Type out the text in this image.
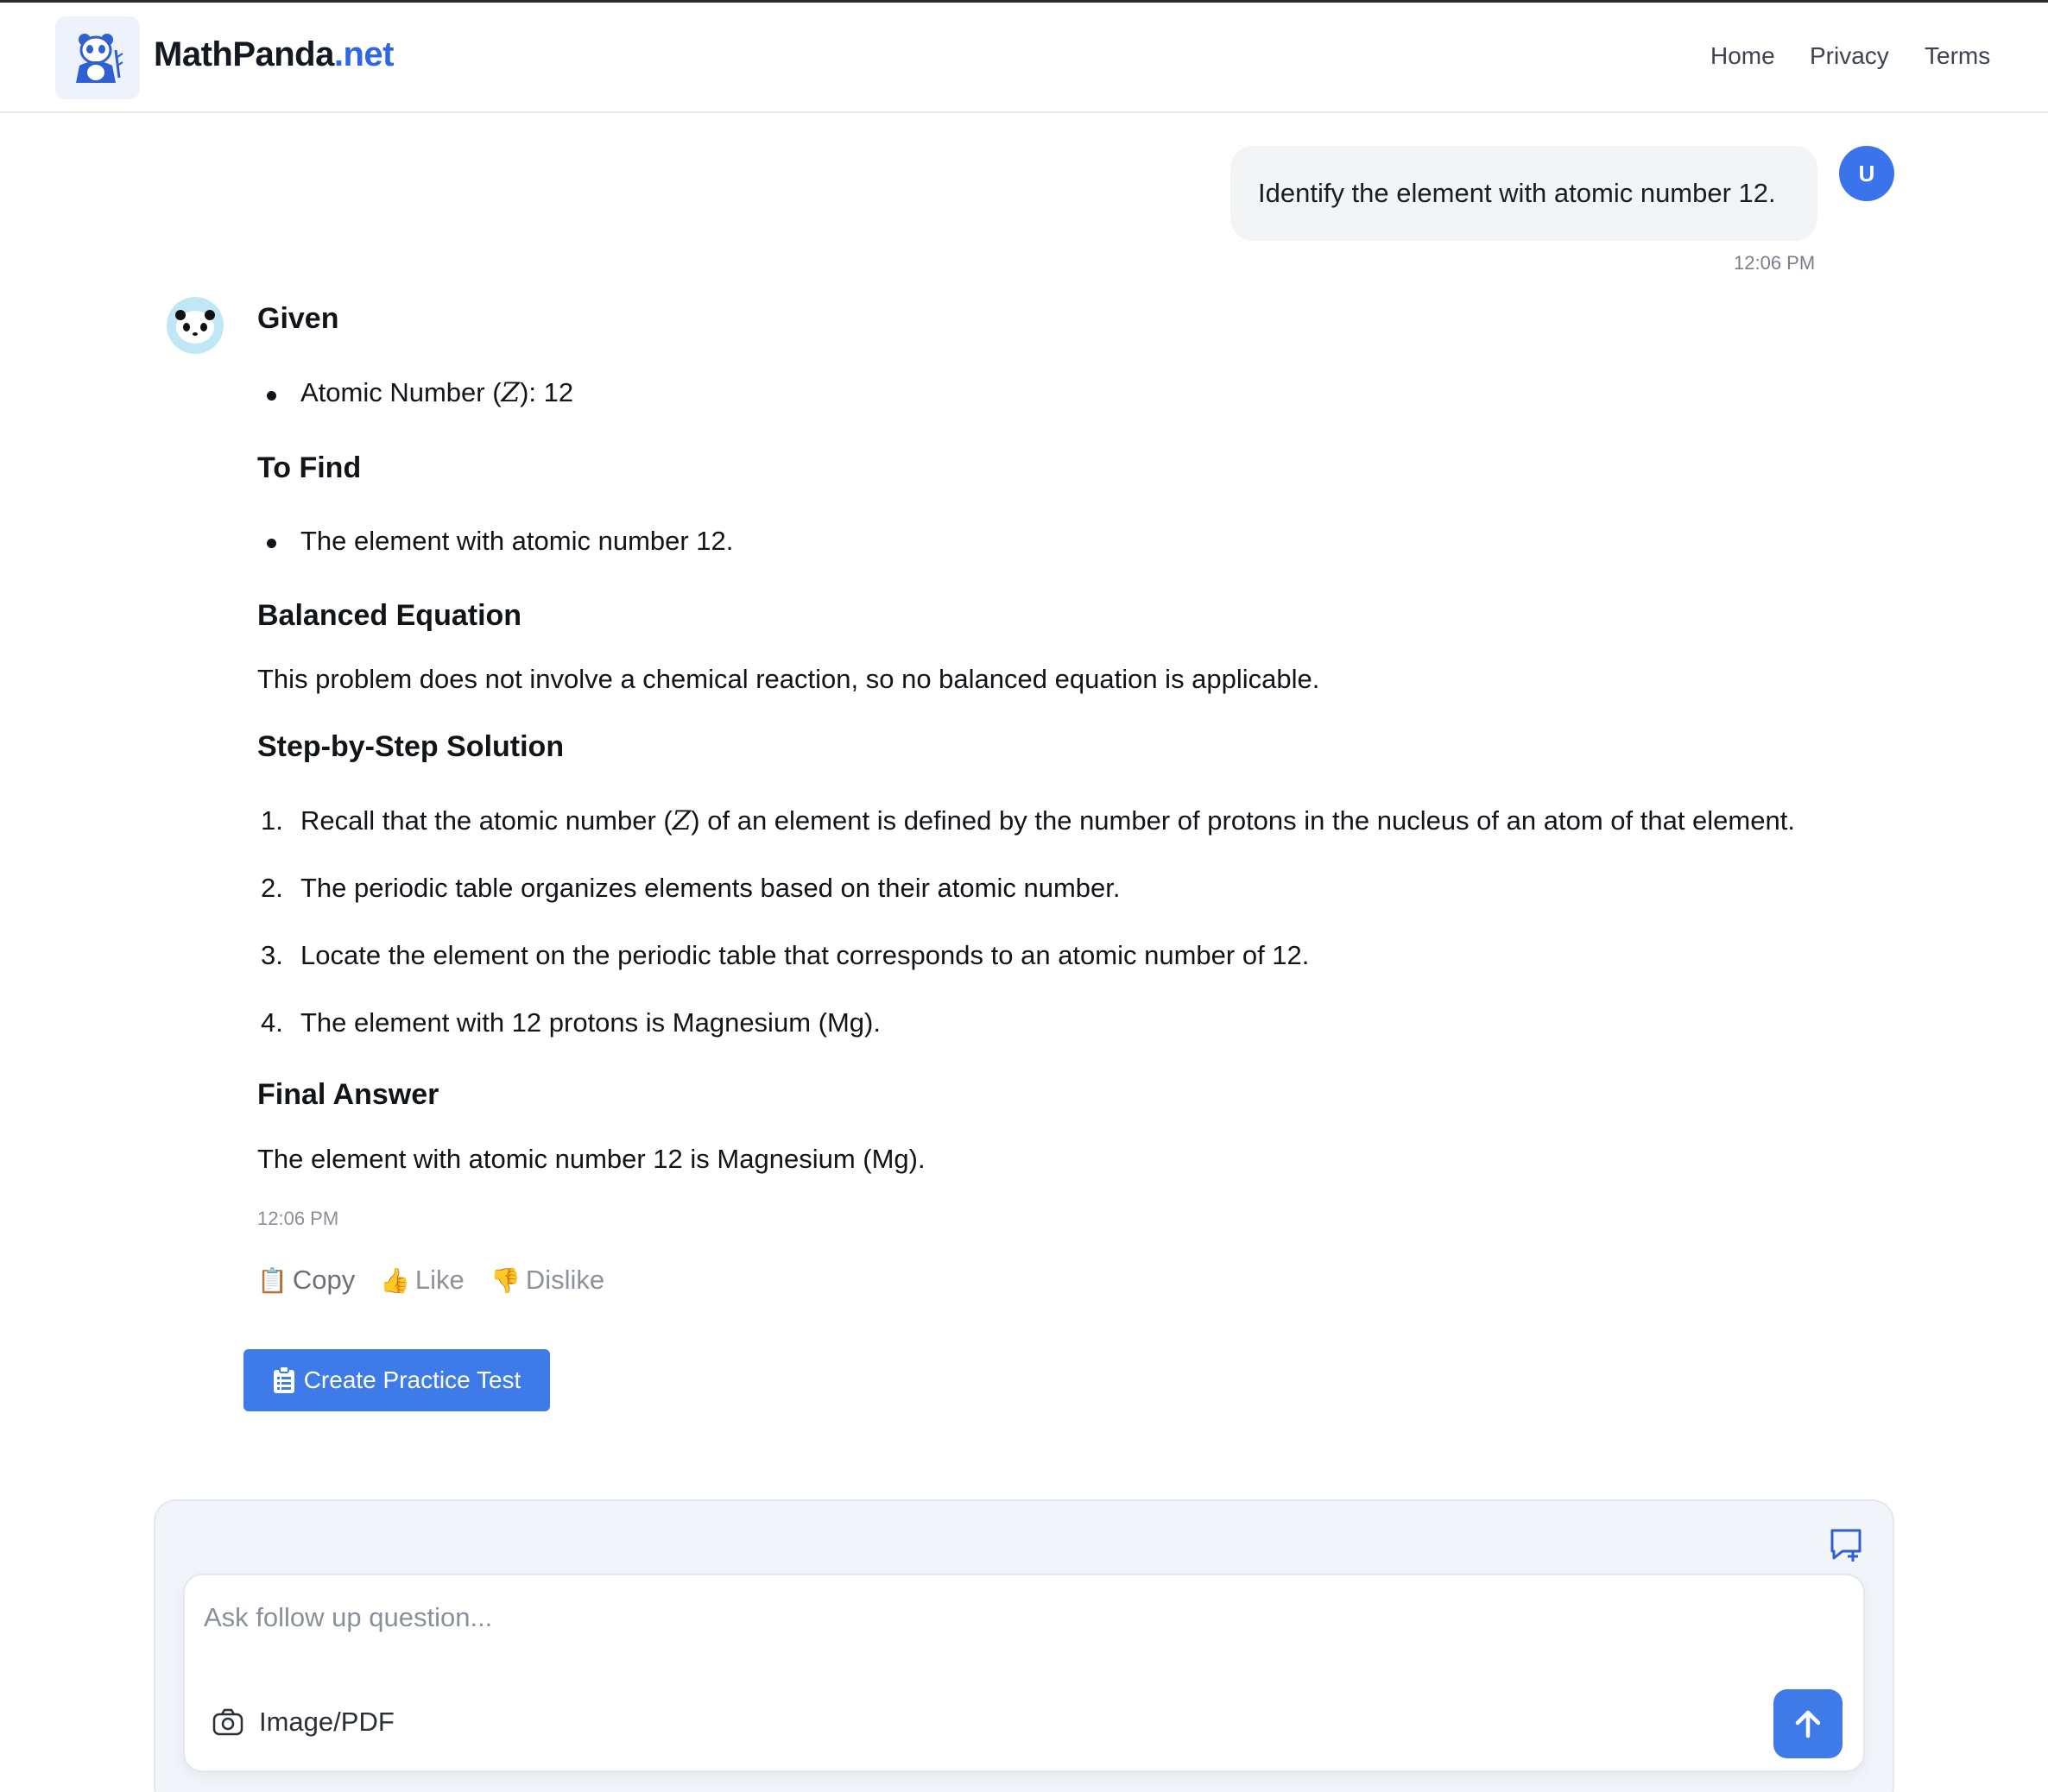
MathPanda.net	Home Privacy Terms
Identify the element with atomic number 12.
U
12:06 PM
Given
Atomic Number (Z): 12
To Find
The element with atomic number 12.
Balanced Equation
This problem does not involve a chemical reaction, so no balanced equation is applicable.
Step-by-Step Solution
1. Recall that the atomic number (Z) of an element is defined by the number of protons in the nucleus of an atom of that element.
2. The periodic table organizes elements based on their atomic number.
3. Locate the element on the periodic table that corresponds to an atomic number of 12.
4. The element with 12 protons is Magnesium (Mg).
Final Answer
The element with atomic number 12 is Magnesium (Mg).
12:06 PM
📋 Copy 👍 Like 👎 Dislike
Create Practice Test
Ask follow up question...
Image/PDF
